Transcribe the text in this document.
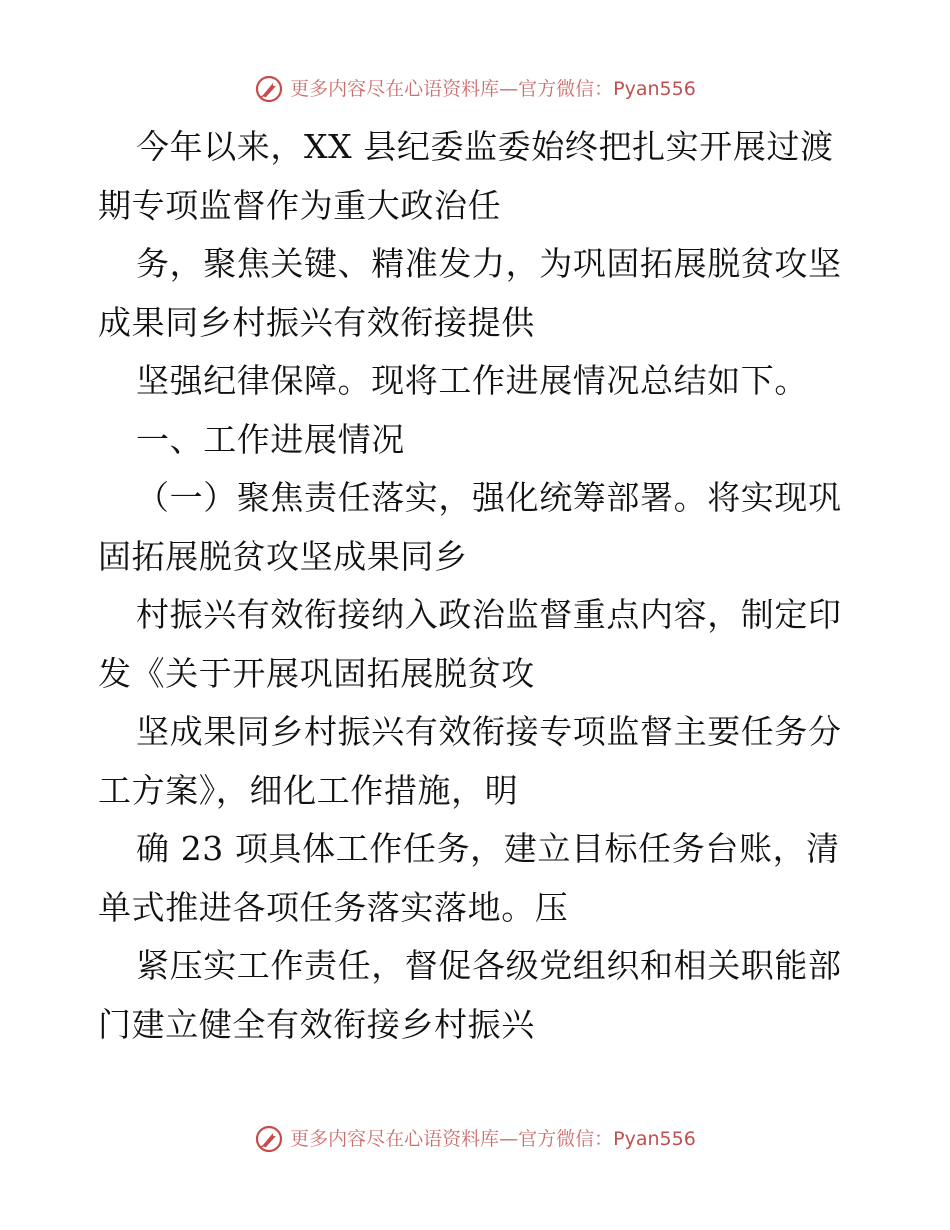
更多内容尽在心语资料库—官方微信： Pyan556
今年以来，XX 县纪委监委始终把扎实开展过渡
期专项监督作为重大政治任
务，聚焦关键、精准发力，为巩固拓展脱贫攻坚
成果同乡村振兴有效衔接提供
坚强纪律保障。现将工作进展情况总结如下。
一、工作进展情况
（一）聚焦责任落实，强化统筹部署。将实现巩
固拓展脱贫攻坚成果同乡
村振兴有效衔接纳入政治监督重点内容，制定印
发《关于开展巩固拓展脱贫攻
坚成果同乡村振兴有效衔接专项监督主要任务分
工方案》，细化工作措施，明
确 23 项具体工作任务，建立目标任务台账，清
单式推进各项任务落实落地。压
紧压实工作责任，督促各级党组织和相关职能部
门建立健全有效衔接乡村振兴
更多内容尽在心语资料库—官方微信： Pyan556
